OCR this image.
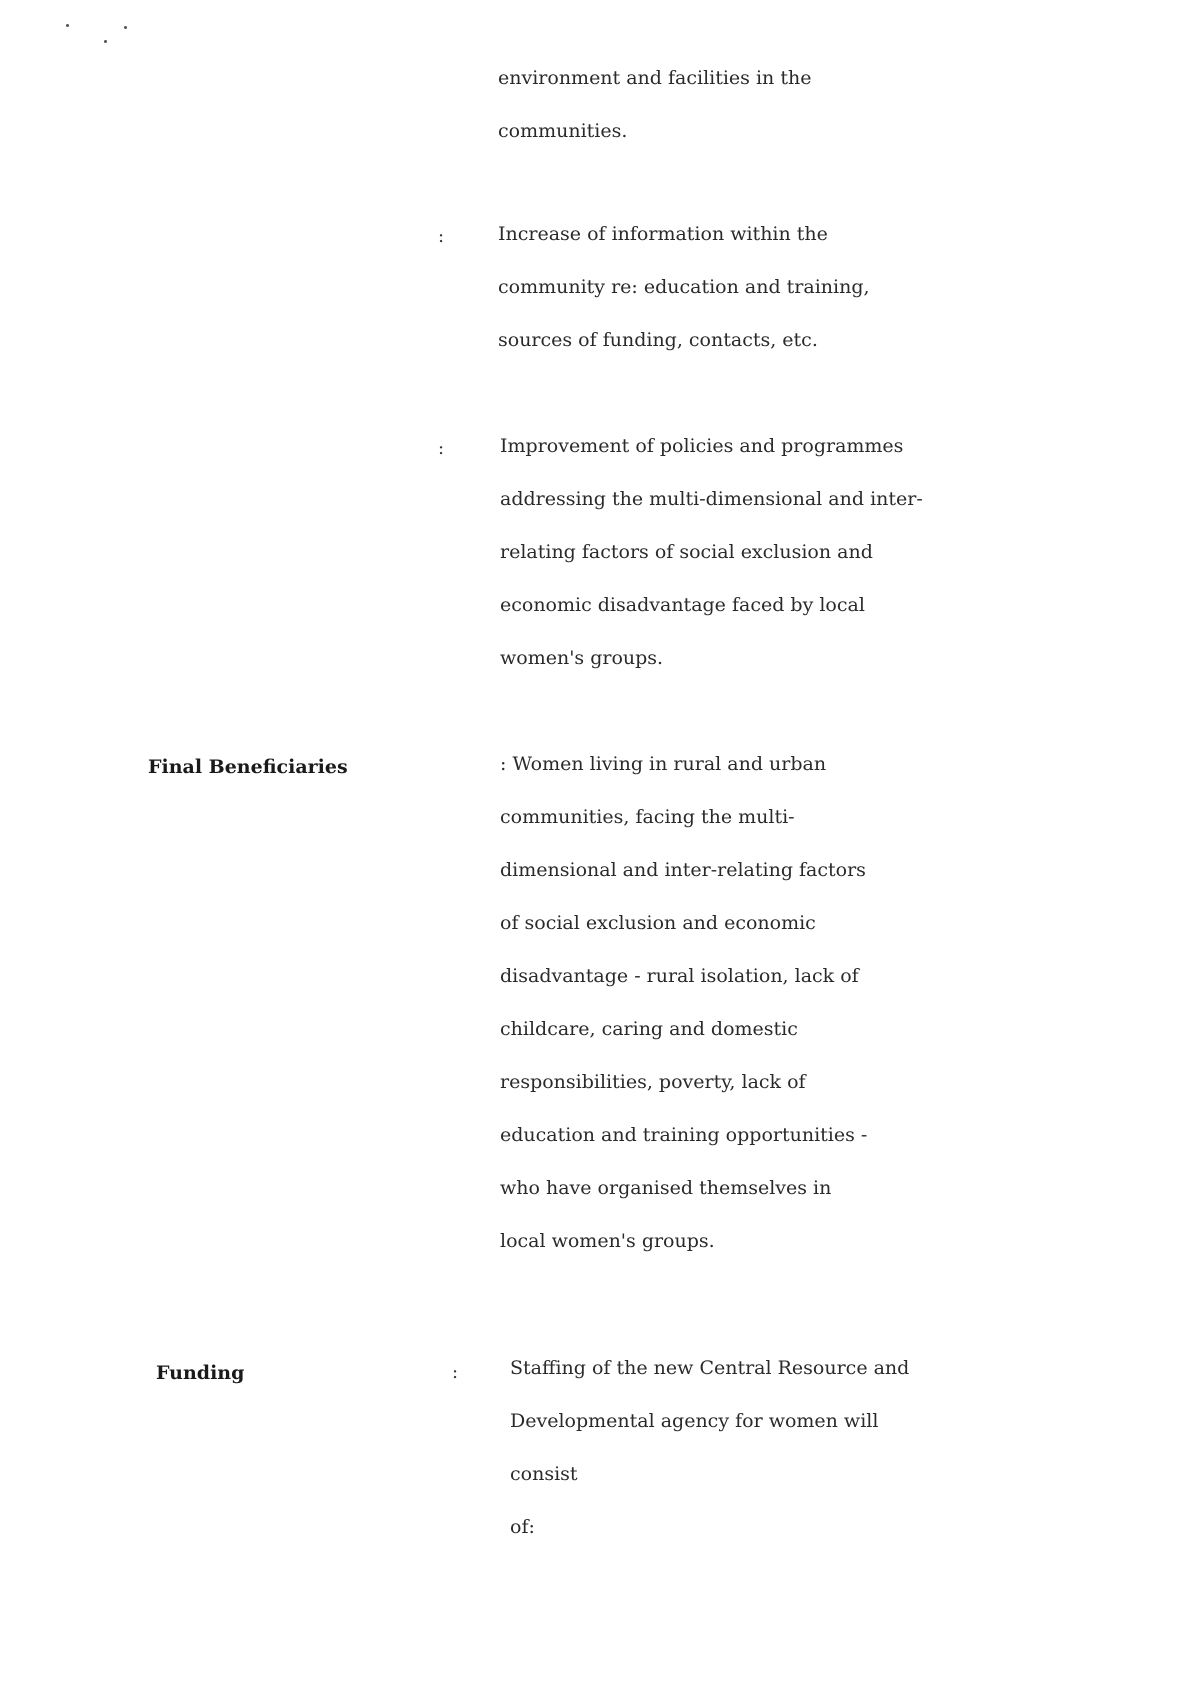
environment and facilities in the
communities.
:	Increase of information within the
community re: education and training,
sources of funding, contacts, etc.
:	Improvement of policies and programmes
addressing the multi-dimensional and inter-
relating factors of social exclusion and
economic disadvantage faced by local
women's groups.
Final Beneficiaries	: Women living in rural and urban
communities, facing the multi-
dimensional and inter-relating factors
of social exclusion and economic
disadvantage - rural isolation, lack of
childcare, caring and domestic
responsibilities, poverty, lack of
education and training opportunities -
who have organised themselves in
local women's groups.
Funding	:	Staffing of the new Central Resource and
Developmental agency for women will
consist
of:
